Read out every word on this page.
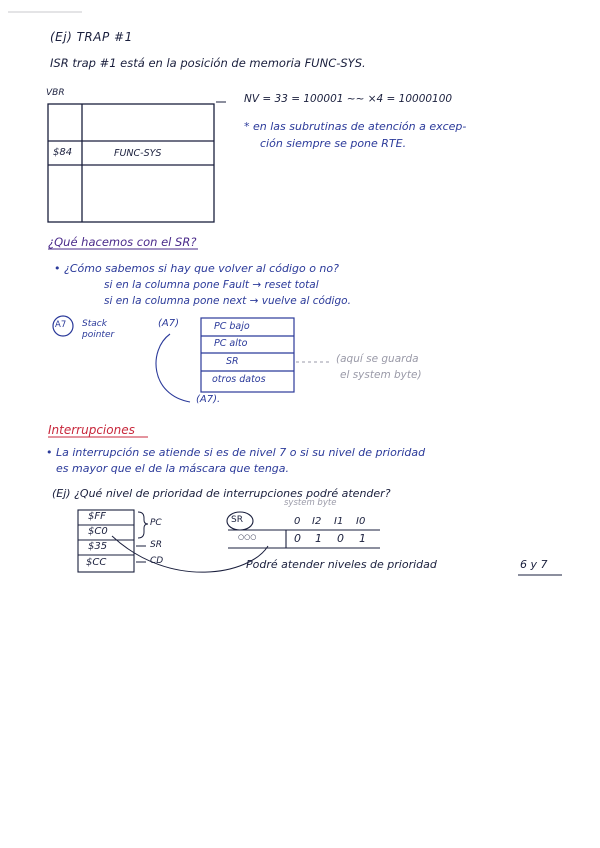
(Ej) TRAP #1
ISR trap #1 está en la posición de memoria FUNC-SYS.
VBR
$84	FUNC-SYS
NV = 33 = 100001 ~~ ×4 = 10000100
* en las subrutinas de atención a excep-
ción siempre se pone RTE.
¿Qué hacemos con el SR?
• ¿Cómo sabemos si hay que volver al código o no?
si en la columna pone Fault → reset total
si en la columna pone next → vuelve al código.
A7 Stack pointer
(A7)	PC bajo
PC alto
SR
otros datos
(aquí se guarda
el system byte)
(A7).
Interrupciones
• La interrupción se atiende si es de nivel 7 o si su nivel de prioridad
es mayor que el de la máscara que tenga.
(Ej) ¿Qué nivel de prioridad de interrupciones podré atender?
$FF
$C0
$35
$CC
PC
SR
CD
SR
system byte
0 I2 I1 I0
○○○	0 1 0 1
Podré atender niveles de prioridad	6 y 7
